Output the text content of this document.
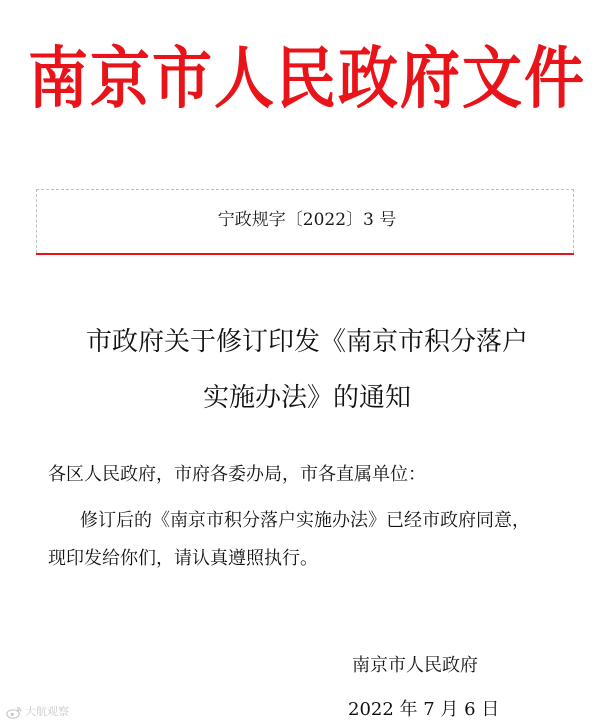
南京市人民政府文件
宁政规字〔2022〕3 号
市政府关于修订印发《南京市积分落户
实施办法》的通知
各区人民政府，市府各委办局，市各直属单位：
修订后的《南京市积分落户实施办法》已经市政府同意，
现印发给你们，请认真遵照执行。
南京市人民政府
2022 年 7 月 6 日
大航观察
